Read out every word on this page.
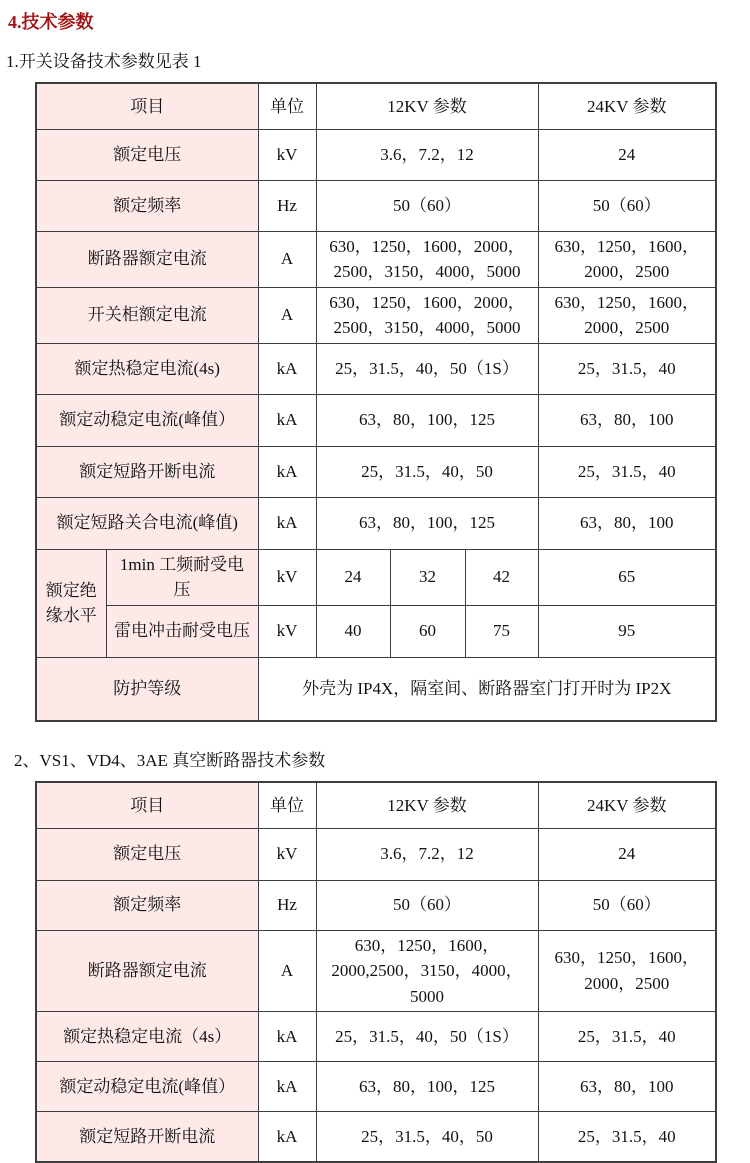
4.技术参数
1.开关设备技术参数见表 1
项目		单位	12KV 参数			24KV 参数
额定电压		kV	3.6，7.2，12			24
额定频率		Hz	50（60）			50（60）
断路器额定电流		A	630，1250，1600，2000，2500，3150，4000，5000			630，1250，1600，2000，2500
开关柜额定电流		A	630，1250，1600，2000，2500，3150，4000，5000			630，1250，1600，2000，2500
额定热稳定电流(4s)		kA	25，31.5，40，50（1S）			25，31.5，40
额定动稳定电流(峰值）		kA	63，80，100，125			63，80，100
额定短路开断电流		kA	25，31.5，40，50			25，31.5，40
额定短路关合电流(峰值)		kA	63，80，100，125			63，80，100
额定绝缘水平	1min 工频耐受电压	kV	24	32	42	65
	雷电冲击耐受电压	kV	40	60	75	95
防护等级		外壳为 IP4X，隔室间、断路器室门打开时为 IP2X				
2、VS1、VD4、3AE 真空断路器技术参数
项目	单位	12KV 参数	24KV 参数
额定电压	kV	3.6，7.2，12	24
额定频率	Hz	50（60）	50（60）
断路器额定电流	A	630，1250，1600，2000,2500，3150，4000，5000	630，1250，1600，2000，2500
额定热稳定电流（4s）	kA	25，31.5，40，50（1S）	25，31.5，40
额定动稳定电流(峰值）	kA	63，80，100，125	63，80，100
额定短路开断电流	kA	25，31.5，40，50	25，31.5，40
